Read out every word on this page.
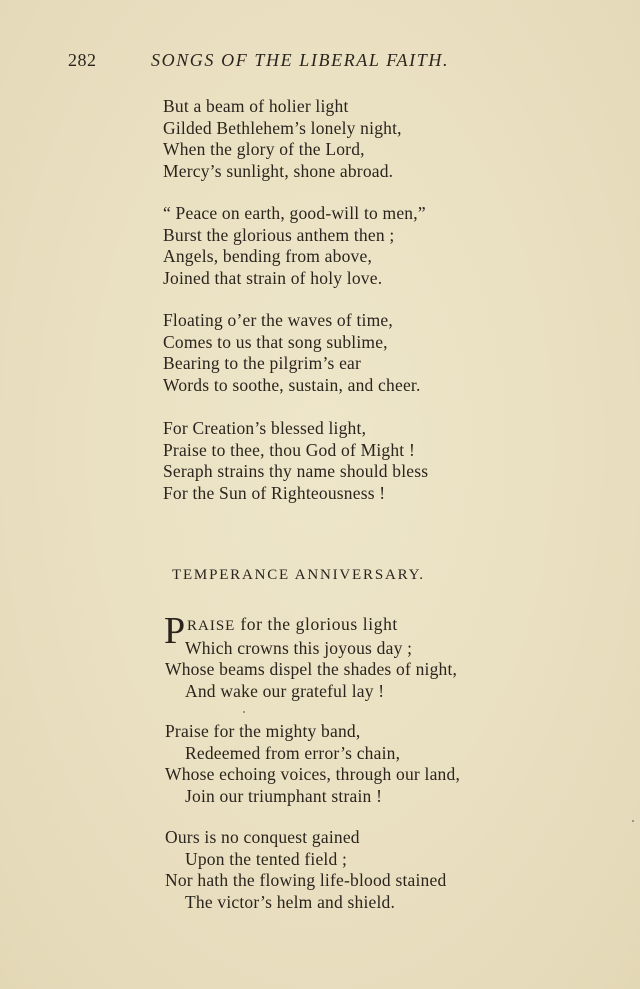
282	SONGS OF THE LIBERAL FAITH.
But a beam of holier light
Gilded Bethlehem’s lonely night,
When the glory of the Lord,
Mercy’s sunlight, shone abroad.
“ Peace on earth, good-will to men,”
Burst the glorious anthem then ;
Angels, bending from above,
Joined that strain of holy love.
Floating o’er the waves of time,
Comes to us that song sublime,
Bearing to the pilgrim’s ear
Words to soothe, sustain, and cheer.
For Creation’s blessed light,
Praise to thee, thou God of Might !
Seraph strains thy name should bless
For the Sun of Righteousness !
TEMPERANCE ANNIVERSARY.
P RAISE for the glorious light
Which crowns this joyous day ;
Whose beams dispel the shades of night,
And wake our grateful lay !
Praise for the mighty band,
Redeemed from error’s chain,
Whose echoing voices, through our land,
Join our triumphant strain !
Ours is no conquest gained
Upon the tented field ;
Nor hath the flowing life-blood stained
The victor’s helm and shield.
